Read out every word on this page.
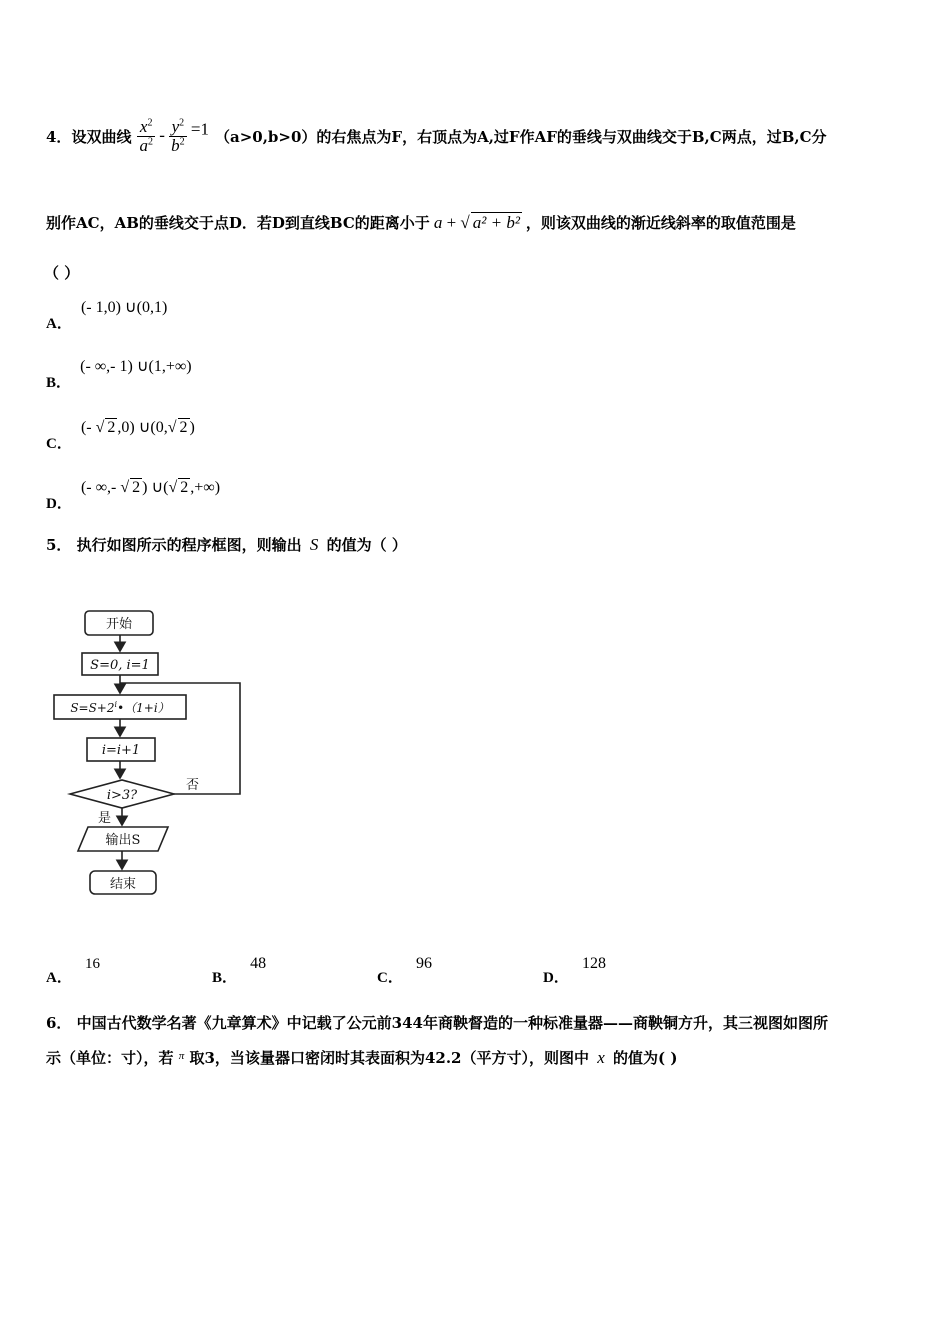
4． 设双曲线 $\frac{x^2}{a^2} - \frac{y^2}{b^2} =1$ （a>0,b>0） 的右焦点为F，右顶点为A,过F作AF的垂线与双曲线交于B,C两点，过B,C分
别作AC，AB的垂线交于点D．若D到直线BC的距离小于 a + √ a² + b² ，则该双曲线的渐近线斜率的取值范围是
（ ）
A． (- 1,0) ∪(0,1)
B． (- ∞,- 1) ∪(1,+∞)
C． (- √ 2 ,0) ∪(0,√ 2 )
D． (- ∞,- √ 2 ) ∪(√ 2 ,+∞)
5． 执行如图所示的程序框图，则输出 S 的值为（ ）
开始
S=0, i=1
$S=S+2^i•(1+i)$
i=i+1
i>3?
否
是
输出S
结束
A． 16
B． 48
C． 96
D． 128
6． 中国古代数学名著《九章算术》中记载了公元前344年商鞅督造的一种标准量器——商鞅铜方升，其三视图如图所
示（单位：寸），若 $^\pi$ 取3，当该量器口密闭时其表面积为42.2（平方寸），则图中 x 的值为( )
